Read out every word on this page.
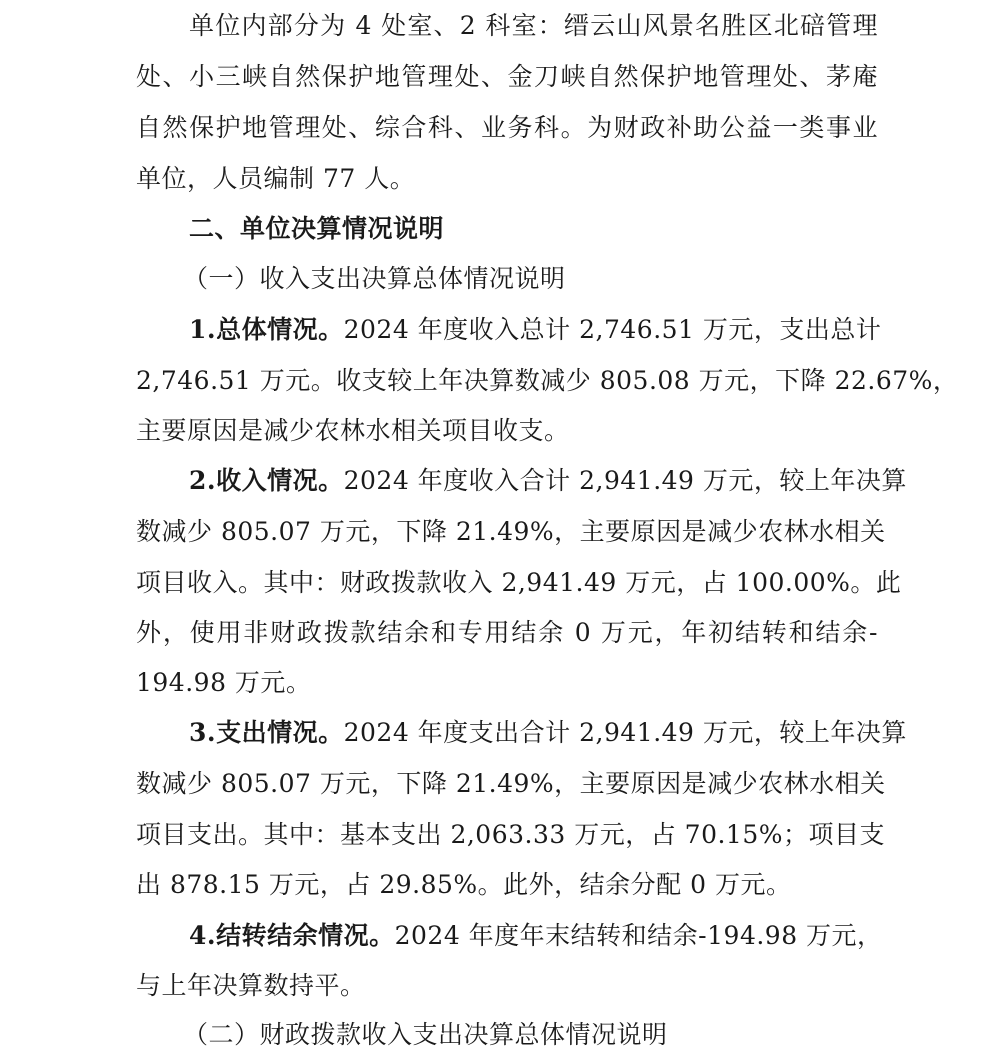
单位内部分为 4 处室、2 科室：缙云山风景名胜区北碚管理
处、小三峡自然保护地管理处、金刀峡自然保护地管理处、茅庵
自然保护地管理处、综合科、业务科。为财政补助公益一类事业
单位，人员编制 77 人。
二、单位决算情况说明
（一）收入支出决算总体情况说明
1.总体情况。2024 年度收入总计 2,746.51 万元，支出总计
2,746.51 万元。收支较上年决算数减少 805.08 万元，下降 22.67%，
主要原因是减少农林水相关项目收支。
2.收入情况。2024 年度收入合计 2,941.49 万元，较上年决算
数减少 805.07 万元，下降 21.49%，主要原因是减少农林水相关
项目收入。其中：财政拨款收入 2,941.49 万元，占 100.00%。此
外，使用非财政拨款结余和专用结余 0 万元，年初结转和结余-
194.98 万元。
3.支出情况。2024 年度支出合计 2,941.49 万元，较上年决算
数减少 805.07 万元，下降 21.49%，主要原因是减少农林水相关
项目支出。其中：基本支出 2,063.33 万元，占 70.15%；项目支
出 878.15 万元，占 29.85%。此外，结余分配 0 万元。
4.结转结余情况。2024 年度年末结转和结余-194.98 万元，
与上年决算数持平。
（二）财政拨款收入支出决算总体情况说明
